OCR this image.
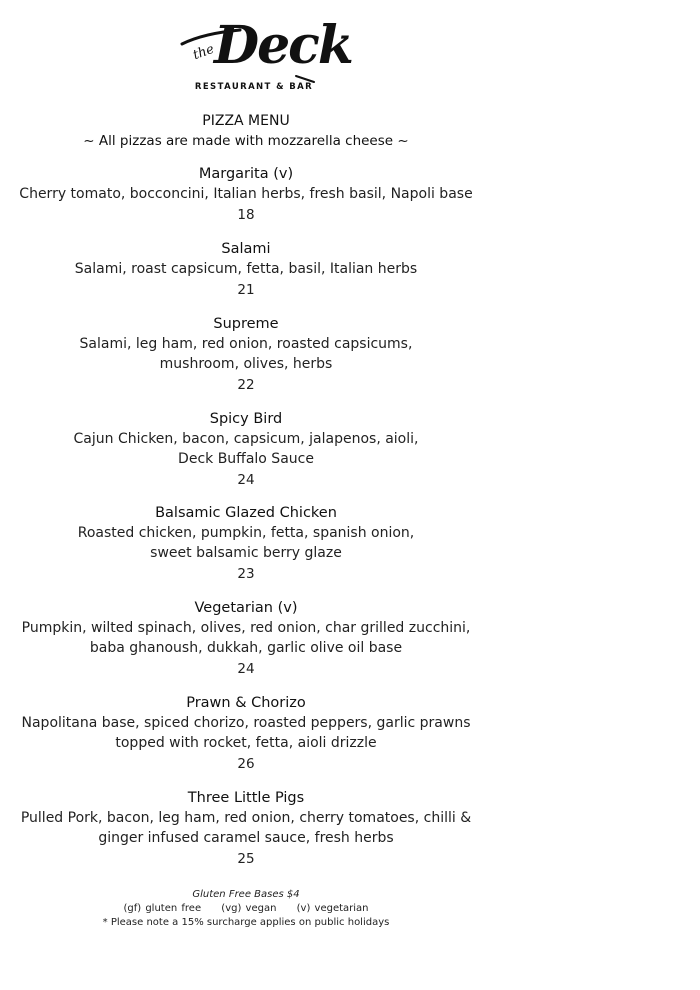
the
Deck
RESTAURANT & BAR
PIZZA MENU
~ All pizzas are made with mozzarella cheese ~
Margarita (v)
Cherry tomato, bocconcini, Italian herbs, fresh basil, Napoli base
18
Salami
Salami, roast capsicum, fetta, basil, Italian herbs
21
Supreme
Salami, leg ham, red onion, roasted capsicums,
mushroom, olives, herbs
22
Spicy Bird
Cajun Chicken, bacon, capsicum, jalapenos, aioli,
Deck Buffalo Sauce
24
Balsamic Glazed Chicken
Roasted chicken, pumpkin, fetta, spanish onion,
sweet balsamic berry glaze
23
Vegetarian (v)
Pumpkin, wilted spinach, olives, red onion, char grilled zucchini,
baba ghanoush, dukkah, garlic olive oil base
24
Prawn & Chorizo
Napolitana base, spiced chorizo, roasted peppers, garlic prawns
topped with rocket, fetta, aioli drizzle
26
Three Little Pigs
Pulled Pork, bacon, leg ham, red onion, cherry tomatoes, chilli &
ginger infused caramel sauce, fresh herbs
25
Gluten Free Bases $4
(gf) gluten free (vg) vegan (v) vegetarian
* Please note a 15% surcharge applies on public holidays
